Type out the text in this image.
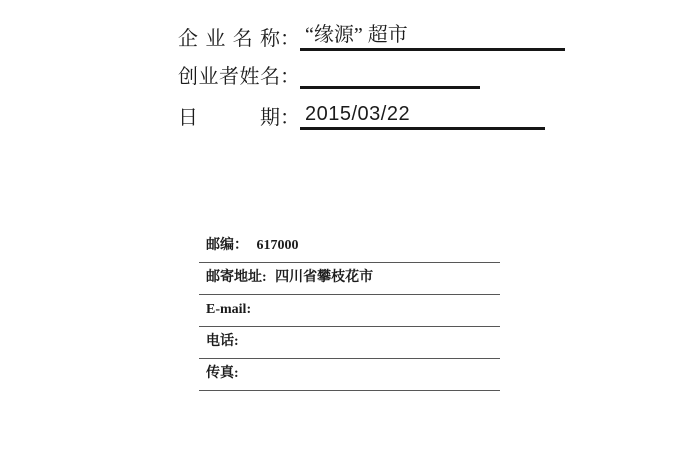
企业名称 ： “缘源” 超市
创业者姓名 ：
日期 ： 2015/03/22
邮编： 617000
邮寄地址: 四川省攀枝花市
E-mail:
电话:
传真:
